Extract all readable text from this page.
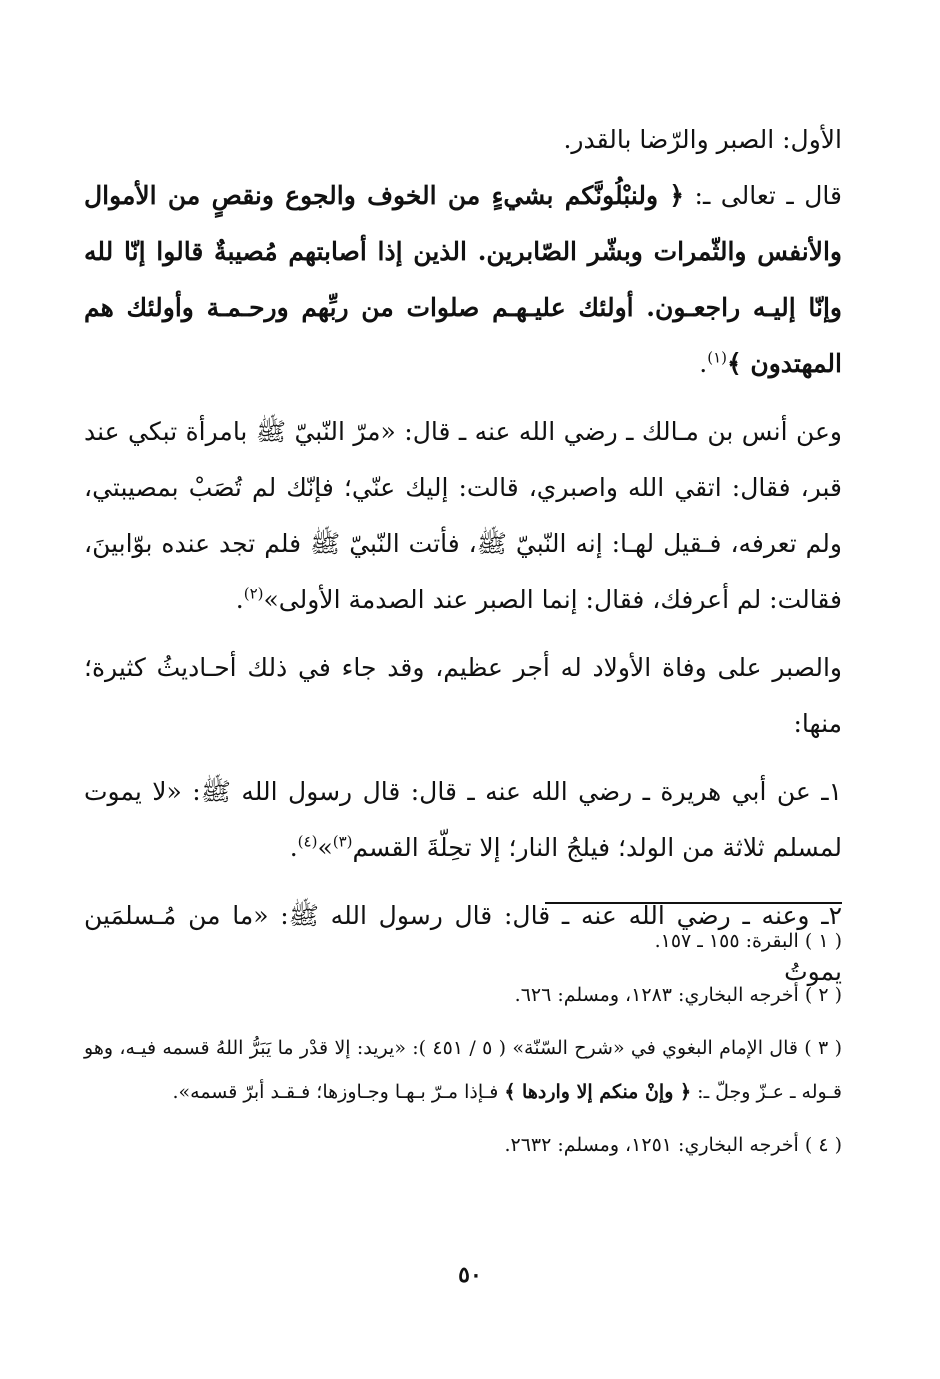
الأول: الصبر والرّضا بالقدر.

قال ـ تعالى ـ: ﴿ ولنبْلُونَّكم بشيءٍ من الخوف والجوع ونقصٍ من الأموال والأنفس والثّمرات وبشّر الصّابرين. الذين إذا أصابتهم مُصيبةٌ قالوا إنّا لله وإنّا إليـه راجعـون. أولئك عليـهـم صلوات من ربِّهم ورحـمـة وأولئك هم المهتدون ﴾$^{(١)}$.

وعن أنس بن مـالك ـ رضي الله عنه ـ قال: «مرّ النّبيّ ﷺ بامرأة تبكي عند قبر، فقال: اتقي الله واصبري، قالت: إليك عنّي؛ فإنّك لم تُصَبْ بمصيبتي، ولم تعرفه، فـقيل لهـا: إنه النّبيّ ﷺ، فأتت النّبيّ ﷺ فلم تجد عنده بوّابينَ، فقالت: لم أعرفك، فقال: إنما الصبر عند الصدمة الأولى»$^{(٢)}$.

والصبر على وفاة الأولاد له أجر عظيم، وقد جاء في ذلك أحـاديثُ كثيرة؛ منها:

١ـ عن أبي هريرة ـ رضي الله عنه ـ قال: قال رسول الله ﷺ: «لا يموت لمسلم ثلاثة من الولد؛ فيلجُ النار؛ إلا تحِلّةَ القسم$^{(٣)}$»$^{(٤)}$.

٢ـ وعنه ـ رضي الله عنه ـ قال: قال رسول الله ﷺ: «ما من مُـسلمَين يموتُ

( ١ ) البقرة: ١٥٥ ـ ١٥٧.

( ٢ ) أخرجه البخاري: ١٢٨٣، ومسلم: ٦٢٦.

( ٣ ) قال الإمام البغوي في «شرح السّنّة» ( ٥ / ٤٥١ ): «يريد: إلا قدْر ما يَبَرُّ اللهُ قسمه فيـه، وهو قـوله ـ عـزّ وجلّ ـ: ﴿ وإنْ منكم إلا واردها ﴾ فـإذا مـرّ بـهـا وجـاوزها؛ فـقـد أبرّ قسمه».

( ٤ ) أخرجه البخاري: ١٢٥١، ومسلم: ٢٦٣٢.

٥٠
